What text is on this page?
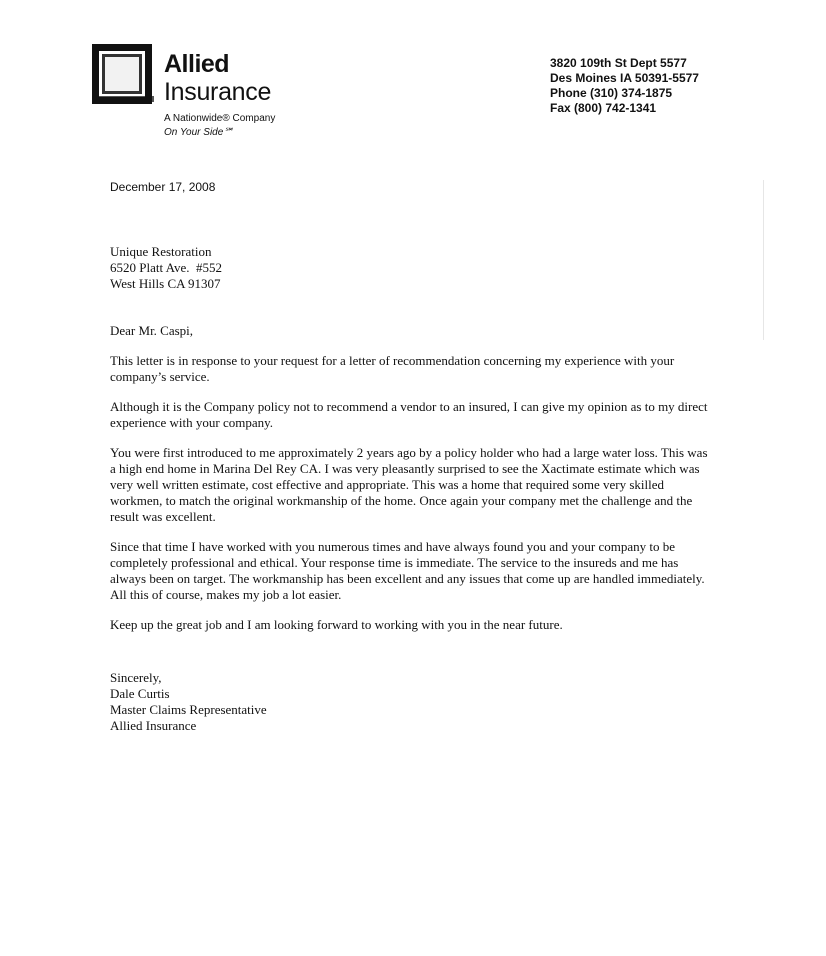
Allied
Insurance
A Nationwide® Company
On Your Side℠
3820 109th St Dept 5577
Des Moines IA 50391-5577
Phone (310) 374-1875
Fax (800) 742-1341
December 17, 2008
Unique Restoration
6520 Platt Ave.  #552
West Hills CA 91307

Dear Mr. Caspi,

This letter is in response to your request for a letter of recommendation concerning my experience with your company’s service.

Although it is the Company policy not to recommend a vendor to an insured, I can give my opinion as to my direct experience with your company.

You were first introduced to me approximately 2 years ago by a policy holder who had a large water loss. This was a high end home in Marina Del Rey CA. I was very pleasantly surprised to see the Xactimate estimate which was very well written estimate, cost effective and appropriate. This was a home that required some very skilled workmen, to match the original workmanship of the home. Once again your company met the challenge and the result was excellent.

Since that time I have worked with you numerous times and have always found you and your company to be completely professional and ethical. Your response time is immediate. The service to the insureds and me has always been on target. The workmanship has been excellent and any issues that come up are handled immediately. All this of course, makes my job a lot easier.

Keep up the great job and I am looking forward to working with you in the near future.

Sincerely,
Dale Curtis
Master Claims Representative
Allied Insurance
